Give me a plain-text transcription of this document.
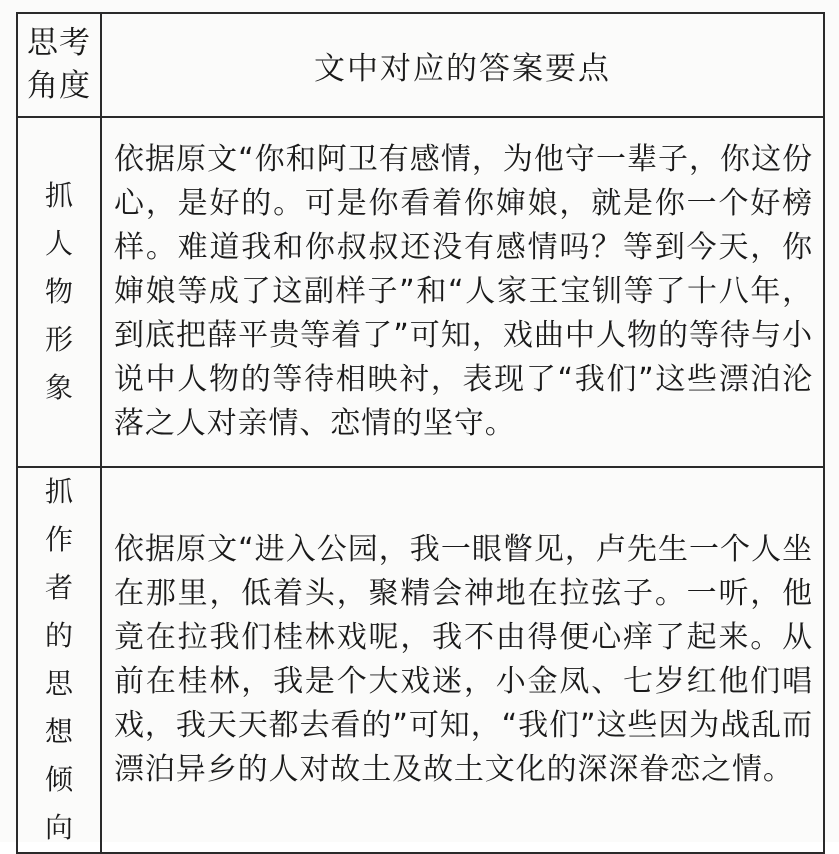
思考角度	文中对应的答案要点
抓人物形象	依据原文“你和阿卫有感情，为他守一辈子，你这份心，是好的。可是你看着你婶娘，就是你一个好榜样。难道我和你叔叔还没有感情吗？等到今天，你婶娘等成了这副样子”和“人家王宝钏等了十八年，到底把薛平贵等着了”可知，戏曲中人物的等待与小说中人物的等待相映衬，表现了“我们”这些漂泊沦落之人对亲情、恋情的坚守。

抓作者的思想倾向	依据原文“进入公园，我一眼瞥见，卢先生一个人坐在那里，低着头，聚精会神地在拉弦子。一听，他竟在拉我们桂林戏呢，我不由得便心痒了起来。从前在桂林，我是个大戏迷，小金凤、七岁红他们唱戏，我天天都去看的”可知，“我们”这些因为战乱而漂泊异乡的人对故土及故土文化的深深眷恋之情。
